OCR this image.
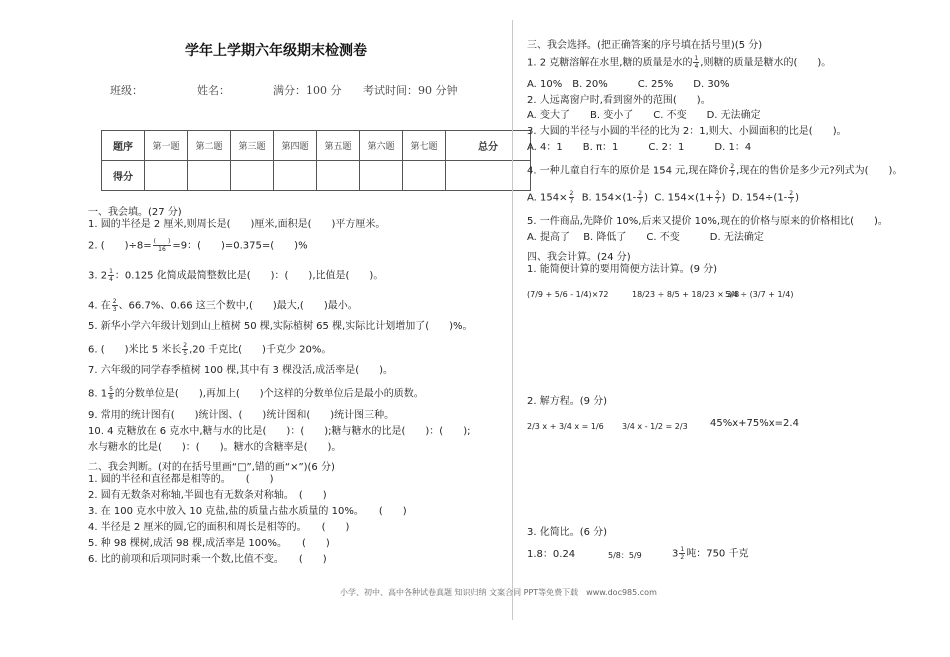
学年上学期六年级期末检测卷
班级：	姓名：	满分：100 分 考试时间：90 分钟
题序	第一题	第二题	第三题	第四题	第五题	第六题	第七题	总分
得分								
一、我会填。(27 分)
1. 圆的半径是 2 厘米,则周长是(　　)厘米,面积是(　　)平方厘米。
2. (　　)$\div 8= \frac{( )}{16} =9$：(　　)=0.375=(　　)%
3. $2 \frac{1}{4}$ ：0.125 化简成最简整数比是(　　)：(　　),比值是(　　)。
4. 在 $\frac{2}{3}$ 、66.7%、0.66 这三个数中,(　　)最大,(　　)最小。
5. 新华小学六年级计划到山上植树 50 棵,实际植树 65 棵,实际比计划增加了(　　)%。
6. (　　)米比 5 米长 $\frac{2}{5} ,20$ 千克比(　　)千克少 20%。
7. 六年级的同学春季植树 100 棵,其中有 3 棵没活,成活率是(　　)。
8. $1 \frac{5}{8}$ 的分数单位是(　　),再加上(　　)个这样的分数单位后是最小的质数。
9. 常用的统计图有(　　)统计图、(　　)统计图和(　　)统计图三种。
10. 4 克糖放在 6 克水中,糖与水的比是(　　)：(　　);糖与糖水的比是(　　)：(　　);
水与糖水的比是(　　)：(　　)。糖水的含糖率是(　　)。
二、我会判断。(对的在括号里画“□”,错的画“×”)(6 分)
1. 圆的半径和直径都是相等的。　　(　　)
2. 圆有无数条对称轴,半圆也有无数条对称轴。　(　　)
3. 在 100 克水中放入 10 克盐,盐的质量占盐水质量的 10%。　　(　　)
4. 半径是 2 厘米的圆,它的面积和周长是相等的。　　(　　)
5. 种 98 棵树,成活 98 棵,成活率是 100%。　　(　　)
6. 比的前项和后项同时乘一个数,比值不变。　　(　　)
三、我会选择。(把正确答案的序号填在括号里)(5 分)
1. 2 克糖溶解在水里,糖的质量是水的 $\frac{1}{4}$ ,则糖的质量是糖水的(　　)。
A. 10%　B. 20%　　　C. 25%　　D. 30%
2. 人远离窗户时,看到窗外的范围(　　)。
A. 变大了　　B. 变小了　　C. 不变　　D. 无法确定
3. 大圆的半径与小圆的半径的比为 2：1,则大、小圆面积的比是(　　)。
A. 4：1　　B. π：1　　　C. 2：1　　　D. 1：4
4. 一种儿童自行车的原价是 154 元,现在降价 $\frac{2}{7}$ ,现在的售价是多少元?列式为(　　)。
A. $154\times \frac{2}{7} B$. $154\times(1- \frac{2}{7}$ ) C. $154\times(1+ \frac{2}{7}$ ) D. $154\div(1- \frac{2}{7}$ )
5. 一件商品,先降价 10%,后来又提价 10%,现在的价格与原来的价格相比(　　)。
A. 提高了　 B. 降低了　　C. 不变　　　D. 无法确定
四、我会计算。(24 分)
1. 能简便计算的要用简便方法计算。(9 分)
(7/9 + 5/6 - 1/4)×72	18/23 ÷ 8/5 + 18/23 × 3/8
5/4 ÷ (3/7 + 1/4)
2. 解方程。(9 分)
2/3 x + 3/4 x = 1/6 3/4 x - 1/2 = 2/3 45%x+75%x=2.4
3. 化简比。(6 分)
1.8：0.24	5/8：5/9	$3 \frac{1}{2}$ 吨：750 千克
小学、初中、高中各种试卷真题 知识归纳 文案合同 PPT等免费下载　www.doc985.com
